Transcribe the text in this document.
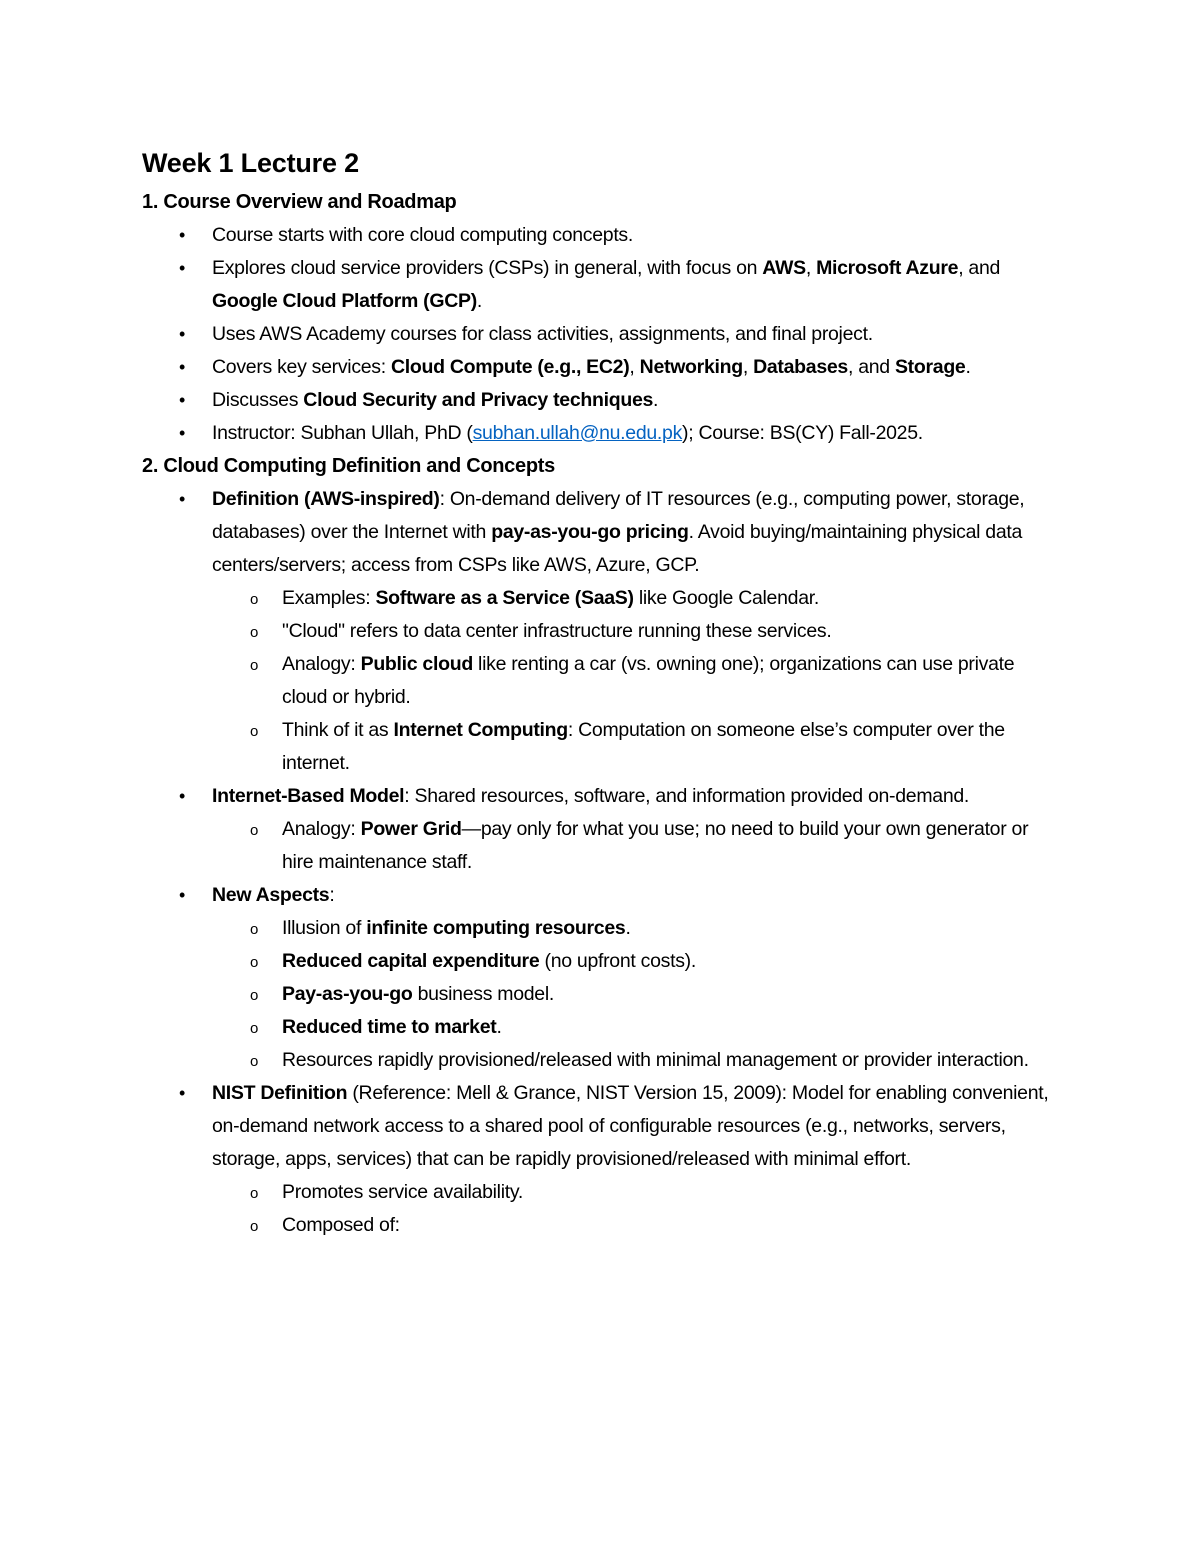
Week 1 Lecture 2
1. Course Overview and Roadmap
• Course starts with core cloud computing concepts.
• Explores cloud service providers (CSPs) in general, with focus on AWS, Microsoft Azure, and Google Cloud Platform (GCP).
• Uses AWS Academy courses for class activities, assignments, and final project.
• Covers key services: Cloud Compute (e.g., EC2), Networking, Databases, and Storage.
• Discusses Cloud Security and Privacy techniques.
• Instructor: Subhan Ullah, PhD (subhan.ullah@nu.edu.pk); Course: BS(CY) Fall-2025.
2. Cloud Computing Definition and Concepts
• Definition (AWS-inspired): On-demand delivery of IT resources (e.g., computing power, storage, databases) over the Internet with pay-as-you-go pricing. Avoid buying/maintaining physical data centers/servers; access from CSPs like AWS, Azure, GCP.
o Examples: Software as a Service (SaaS) like Google Calendar.
o "Cloud" refers to data center infrastructure running these services.
o Analogy: Public cloud like renting a car (vs. owning one); organizations can use private cloud or hybrid.
o Think of it as Internet Computing: Computation on someone else’s computer over the internet.
• Internet-Based Model: Shared resources, software, and information provided on-demand.
o Analogy: Power Grid—pay only for what you use; no need to build your own generator or hire maintenance staff.
• New Aspects:
o Illusion of infinite computing resources.
o Reduced capital expenditure (no upfront costs).
o Pay-as-you-go business model.
o Reduced time to market.
o Resources rapidly provisioned/released with minimal management or provider interaction.
• NIST Definition (Reference: Mell & Grance, NIST Version 15, 2009): Model for enabling convenient, on-demand network access to a shared pool of configurable resources (e.g., networks, servers, storage, apps, services) that can be rapidly provisioned/released with minimal effort.
o Promotes service availability.
o Composed of:
